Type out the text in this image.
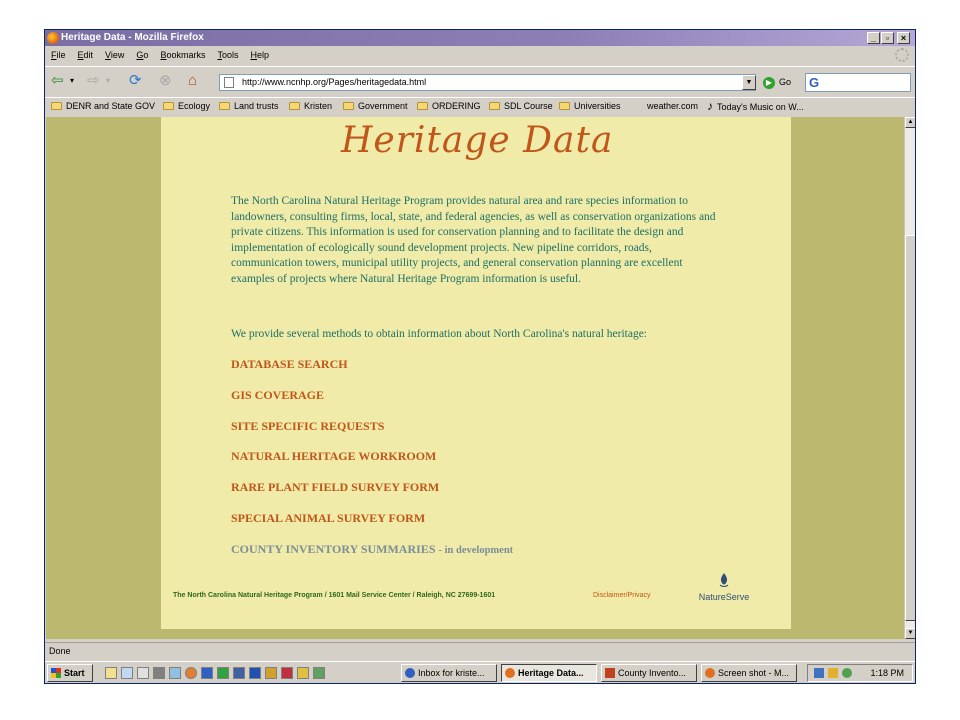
Heritage Data - Mozilla Firefox	_	▫	×
File Edit View Go Bookmarks Tools Help
⇦ ▾ ⇨ ▾ ⟳ ⊗ ⌂	http://www.ncnhp.org/Pages/heritagedata.html	▼	▶ Go	G
DENR and State GOV	Ecology	Land trusts	Kristen	Government	ORDERING	SDL Course	Universities	weather.com ♪ Today's Music on W...
Heritage Data

The North Carolina Natural Heritage Program provides natural area and rare species information to landowners, consulting firms, local, state, and federal agencies, as well as conservation organizations and private citizens. This information is used for conservation planning and to facilitate the design and implementation of ecologically sound development projects. New pipeline corridors, roads, communication towers, municipal utility projects, and general conservation planning are excellent examples of projects where Natural Heritage Program information is useful.

We provide several methods to obtain information about North Carolina's natural heritage:

DATABASE SEARCH
GIS COVERAGE
SITE SPECIFIC REQUESTS
NATURAL HERITAGE WORKROOM
RARE PLANT FIELD SURVEY FORM
SPECIAL ANIMAL SURVEY FORM
COUNTY INVENTORY SUMMARIES - in development
The North Carolina Natural Heritage Program / 1601 Mail Service Center / Raleigh, NC 27699-1601	Disclaimer/Privacy	NatureServe
▲
▼
Done
Start	Inbox for kriste...	Heritage Data...	County Invento...	Screen shot - M...	1:18 PM
